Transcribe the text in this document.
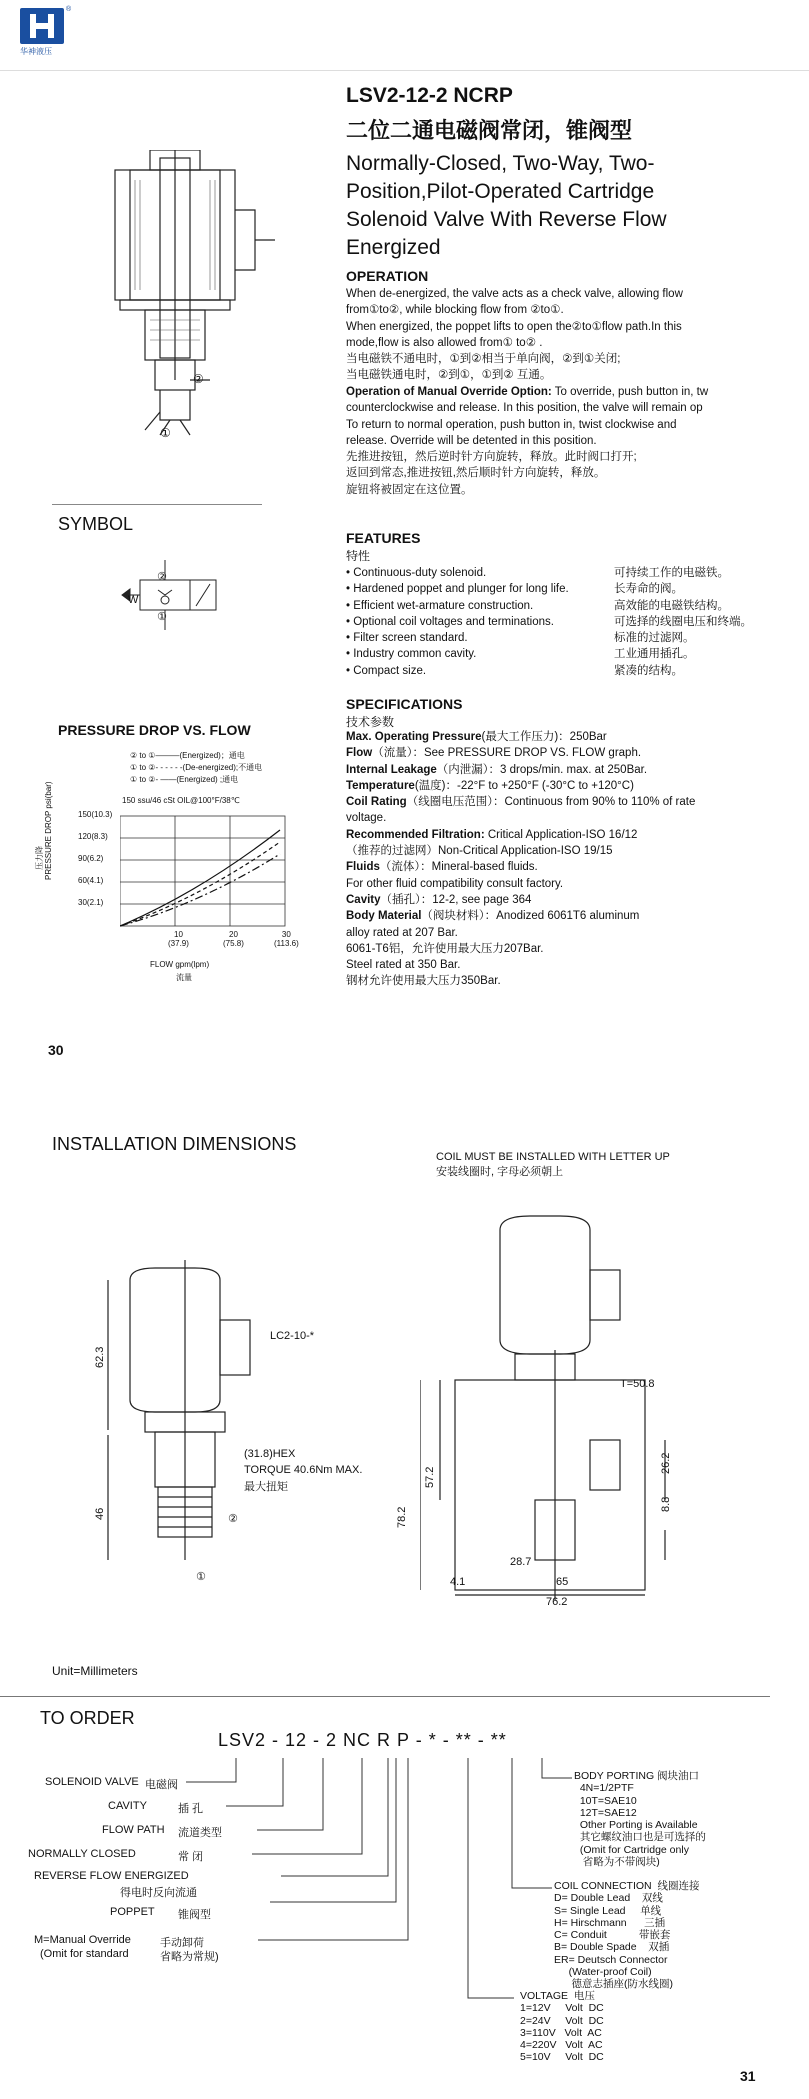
®
华神液压
LSV2-12-2 NCRP
二位二通电磁阀常闭，锥阀型
Normally-Closed, Two-Way, Two-
Position,Pilot-Operated Cartridge
Solenoid Valve With Reverse Flow
Energized
②
①
OPERATION
When de-energized, the valve acts as a check valve, allowing flow
from①to②, while blocking flow from ②to①.
When energized, the poppet lifts to open the②to①flow path.In this
mode,flow is also allowed from① to② .
当电磁铁不通电时，①到②相当于单向阀，②到①关闭;
当电磁铁通电时，②到①，①到② 互通。
Operation of Manual Override Option: To override, push button in, tw
counterclockwise and release. In this position, the valve will remain op
To return to normal operation, push button in, twist clockwise and
release. Override will be detented in this position.
先推进按钮，然后逆时针方向旋转，释放。此时阀口打开;
返回到常态,推进按钮,然后顺时针方向旋转，释放。
旋钮将被固定在这位置。
SYMBOL
W
②
①
PRESSURE DROP VS. FLOW
② to ①———(Energized)；通电
① to ②- - - - - -(De-energized);不通电
① to ②- ——(Energized) ;通电
150 ssu/46 cSt OIL@100°F/38℃
150(10.3)
120(8.3)
90(6.2)
60(4.1)
30(2.1)
PRESSURE DROP psi(bar)
压力降
10
(37.9)
20
(75.8)
30
(113.6)
FLOW gpm(lpm)
流量
30
FEATURES
特性
• Continuous-duty solenoid.	可持续工作的电磁铁。
• Hardened poppet and plunger for long life.	长寿命的阀。
• Efficient wet-armature construction.	高效能的电磁铁结构。
• Optional coil voltages and terminations.	可选择的线圈电压和终端。
• Filter screen standard.	标准的过滤网。
• Industry common cavity.	工业通用插孔。
• Compact size.	紧凑的结构。
SPECIFICATIONS
技术参数
Max. Operating Pressure(最大工作压力)：250Bar
Flow（流量）：See PRESSURE DROP VS. FLOW graph.
Internal Leakage（内泄漏）：3 drops/min. max. at 250Bar.
Temperature(温度)：-22°F to +250°F (-30°C to +120°C)
Coil Rating（线圈电压范围）：Continuous from 90% to 110% of rate
voltage.
Recommended Filtration: Critical Application-ISO 16/12
（推荐的过滤网）Non-Critical Application-ISO 19/15
Fluids（流体）：Mineral-based fluids.
For other fluid compatibility consult factory.
Cavity（插孔）：12-2, see page 364
Body Material（阀块材料）：Anodized 6061T6 aluminum
alloy rated at 207 Bar.
6061-T6铝，允许使用最大压力207Bar.
Steel rated at 350 Bar.
钢材允许使用最大压力350Bar.
INSTALLATION DIMENSIONS
COIL MUST BE INSTALLED WITH LETTER UP
安装线圈时, 字母必须朝上
62.3
46
LC2-10-*
(31.8)HEX
TORQUE 40.6Nm MAX.
最大扭矩
②
①
T=50.8
26.2
57.2
78.2
8.8
28.7
4.1	65
76.2
Unit=Millimeters
TO ORDER
LSV2 - 12 - 2 NC R P - * - ** - **
SOLENOID VALVE 电磁阀
CAVITY	插 孔
FLOW PATH 流道类型
NORMALLY CLOSED	常 闭
REVERSE FLOW ENERGIZED
得电时反向流通
POPPET 锥阀型
M=Manual Override	手动卸荷
(Omit for standard	省略为常规)
BODY PORTING 阀块油口
4N=1/2PTF
10T=SAE10
12T=SAE12
Other Porting is Available
其它螺纹油口也是可选择的
(Omit for Cartridge only
省略为不带阀块)
COIL CONNECTION  线圈连接
D= Double Lead    双线
S= Single Lead     单线
H= Hirschmann      三插
C= Conduit           带嵌套
B= Double Spade    双插
ER= Deutsch Connector
(Water-proof Coil)
德意志插座(防水线圈)
VOLTAGE  电压
1=12V     Volt  DC
2=24V     Volt  DC
3=110V   Volt  AC
4=220V   Volt  AC
5=10V     Volt  DC
31
